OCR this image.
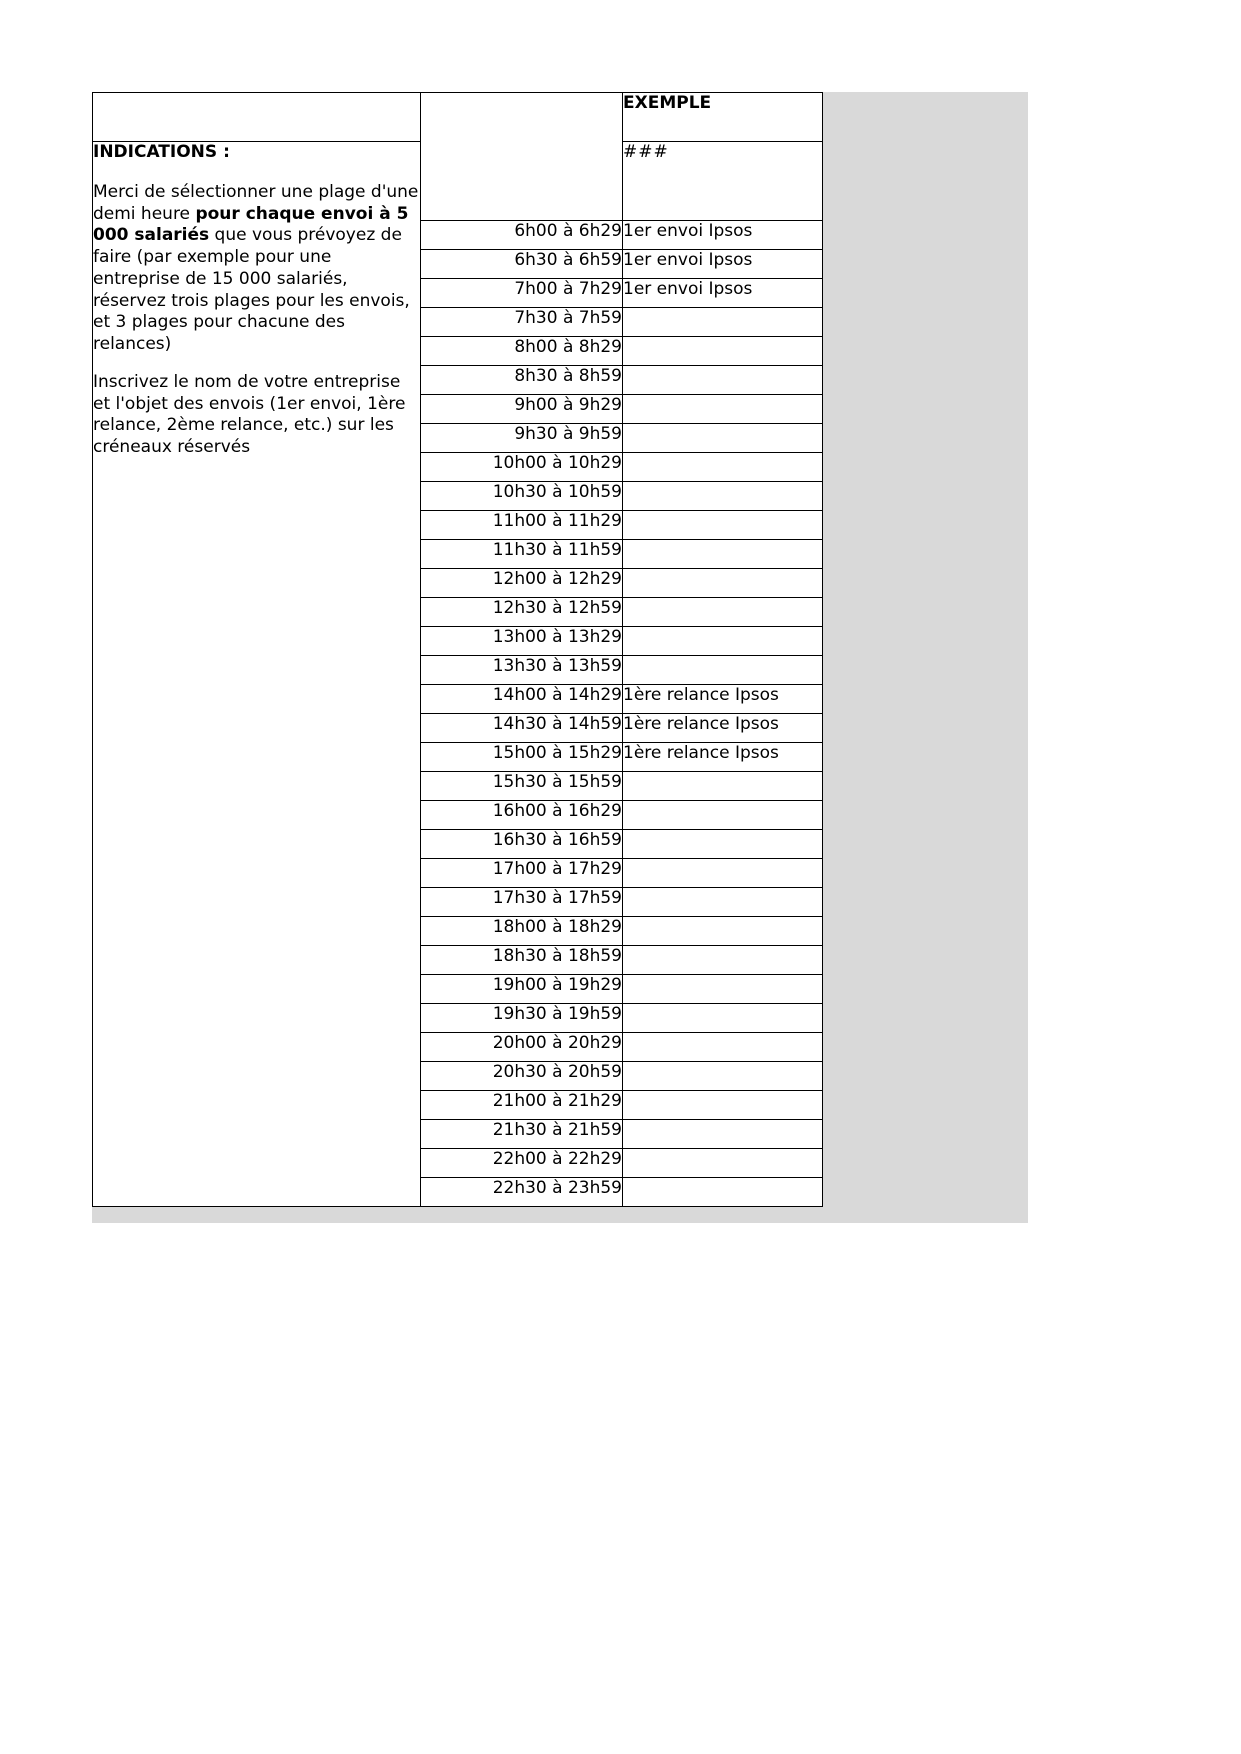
		EXEMPLE

INDICATIONS :

Merci de sélectionner une plage d'une demi heure pour chaque envoi à 5 000 salariés que vous prévoyez de faire (par exemple pour une entreprise de 15 000 salariés, réservez trois plages pour les envois, et 3 plages pour chacune des relances)

Inscrivez le nom de votre entreprise et l'objet des envois (1er envoi, 1ère relance, 2ème relance, etc.) sur les créneaux réservés		###
	6h00 à 6h29	1er envoi Ipsos
	6h30 à 6h59	1er envoi Ipsos
	7h00 à 7h29	1er envoi Ipsos
	7h30 à 7h59	
	8h00 à 8h29	
	8h30 à 8h59	
	9h00 à 9h29	
	9h30 à 9h59	
	10h00 à 10h29	
	10h30 à 10h59	
	11h00 à 11h29	
	11h30 à 11h59	
	12h00 à 12h29	
	12h30 à 12h59	
	13h00 à 13h29	
	13h30 à 13h59	
	14h00 à 14h29	1ère relance Ipsos
	14h30 à 14h59	1ère relance Ipsos
	15h00 à 15h29	1ère relance Ipsos
	15h30 à 15h59	
	16h00 à 16h29	
	16h30 à 16h59	
	17h00 à 17h29	
	17h30 à 17h59	
	18h00 à 18h29	
	18h30 à 18h59	
	19h00 à 19h29	
	19h30 à 19h59	
	20h00 à 20h29	
	20h30 à 20h59	
	21h00 à 21h29	
	21h30 à 21h59	
	22h00 à 22h29	
	22h30 à 23h59	
